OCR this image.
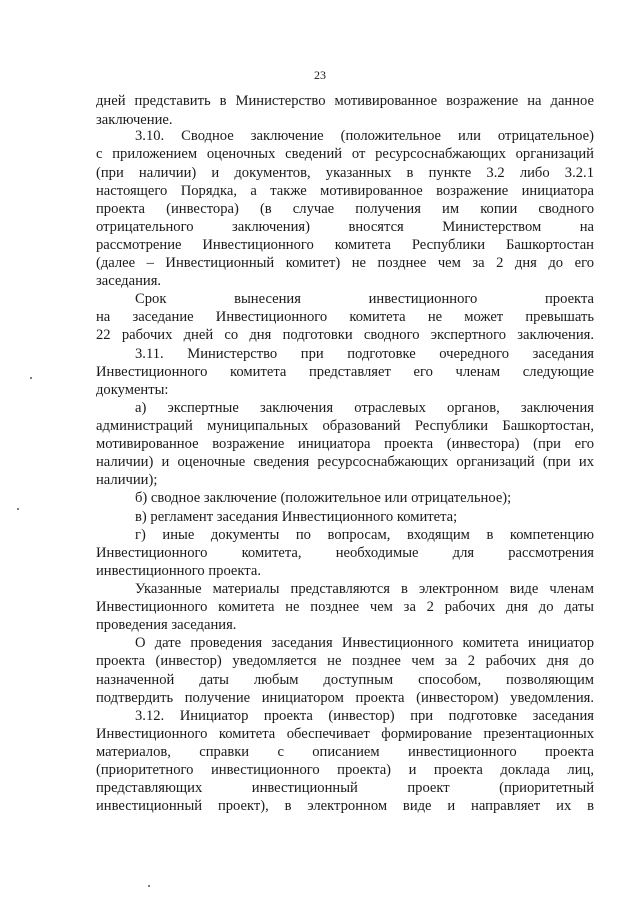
23
дней представить в Министерство мотивированное возражение на данное
заключение.
3.10. Сводное заключение (положительное или отрицательное)
с приложением оценочных сведений от ресурсоснабжающих организаций
(при наличии) и документов, указанных в пункте 3.2 либо 3.2.1
настоящего Порядка, а также мотивированное возражение инициатора
проекта (инвестора) (в случае получения им копии сводного
отрицательного заключения) вносятся Министерством на
рассмотрение Инвестиционного комитета Республики Башкортостан
(далее – Инвестиционный комитет) не позднее чем за 2 дня до его
заседания.
Срок вынесения инвестиционного проекта
на заседание Инвестиционного комитета не может превышать
22 рабочих дней со дня подготовки сводного экспертного заключения.
3.11. Министерство при подготовке очередного заседания
Инвестиционного комитета представляет его членам следующие
документы:
а) экспертные заключения отраслевых органов, заключения
администраций муниципальных образований Республики Башкортостан,
мотивированное возражение инициатора проекта (инвестора) (при его
наличии) и оценочные сведения ресурсоснабжающих организаций (при их
наличии);
б) сводное заключение (положительное или отрицательное);
в) регламент заседания Инвестиционного комитета;
г) иные документы по вопросам, входящим в компетенцию
Инвестиционного комитета, необходимые для рассмотрения
инвестиционного проекта.
Указанные материалы представляются в электронном виде членам
Инвестиционного комитета не позднее чем за 2 рабочих дня до даты
проведения заседания.
О дате проведения заседания Инвестиционного комитета инициатор
проекта (инвестор) уведомляется не позднее чем за 2 рабочих дня до
назначенной даты любым доступным способом, позволяющим
подтвердить получение инициатором проекта (инвестором) уведомления.
3.12. Инициатор проекта (инвестор) при подготовке заседания
Инвестиционного комитета обеспечивает формирование презентационных
материалов, справки с описанием инвестиционного проекта
(приоритетного инвестиционного проекта) и проекта доклада лиц,
представляющих инвестиционный проект (приоритетный
инвестиционный проект), в электронном виде и направляет их в
